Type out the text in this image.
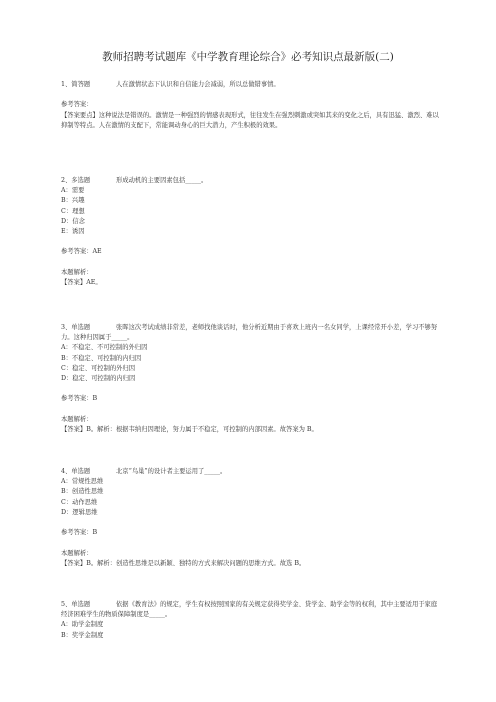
教师招聘考试题库《中学教育理论综合》必考知识点最新版(二)
1、简答题	人在激情状态下认识和自信能力会减弱，所以总做错事情。
参考答案：
【答案要点】这种说法是错误的。激情是一种强烈的情感表现形式，往往发生在强烈刺激或突如其来的变化之后，具有迅猛、激烈、难以抑制等特点。人在激情的支配下，常能调动身心的巨大潜力，产生积极的效果。
2、多选题	形成动机的主要因素包括_____。
A：需要
B：兴趣
C：理想
D：信念
E：诱因
参考答案：AE
本题解析：
【答案】AE。
3、单选题	张晖这次考试成绩非常差，老师找他谈话时，他分析近期由于喜欢上班内一名女同学，上课经常开小差，学习不够努力。这种归因属于_____。
A：不稳定、不可控制的外归因
B：不稳定、可控制的内归因
C：稳定、可控制的外归因
D：稳定、可控制的内归因
参考答案：B
本题解析：
【答案】B。解析：根据韦纳归因理论，努力属于不稳定，可控制的内部因素。故答案为 B。
4、单选题	北京“鸟巢”的设计者主要运用了_____。
A：常规性思维
B：创造性思维
C：动作思维
D：逻辑思维
参考答案：B
本题解析：
【答案】B。解析：创造性思维是以新颖、独特的方式来解决问题的思维方式。故选 B。
5、单选题	依据《教育法》的规定，学生有权按照国家的有关规定获得奖学金、贷学金、助学金等的权利，其中主要适用于家庭经济困难学生的物质保障制度是_____。
A：助学金制度
B：奖学金制度
